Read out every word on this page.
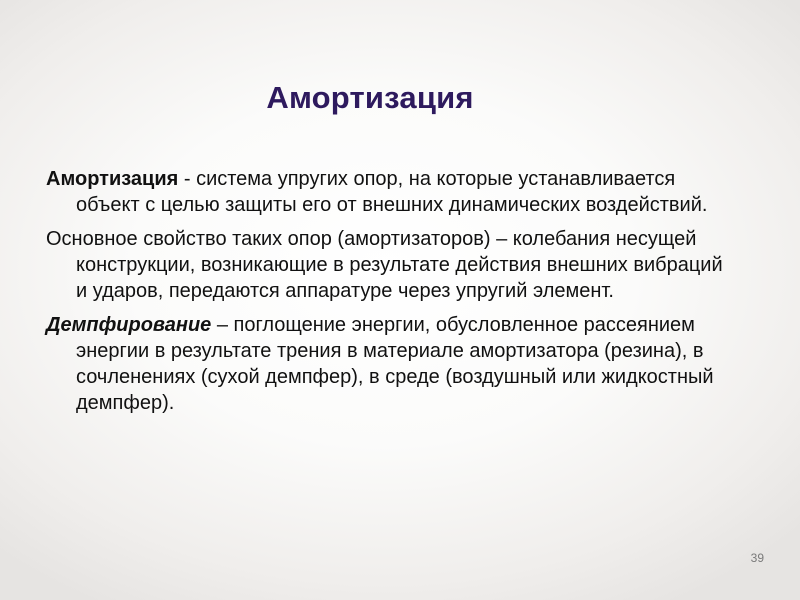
Амортизация

Амортизация - система упругих опор, на которые устанавливается объект с целью защиты его от внешних динамических воздействий.

Основное свойство таких опор (амортизаторов) – колебания несущей конструкции, возникающие в результате действия внешних вибраций и ударов, передаются аппаратуре через упругий элемент.

Демпфирование – поглощение энергии, обусловленное рассеянием энергии в результате трения в материале амортизатора (резина), в сочленениях (сухой демпфер), в среде (воздушный или жидкостный демпфер).

39
